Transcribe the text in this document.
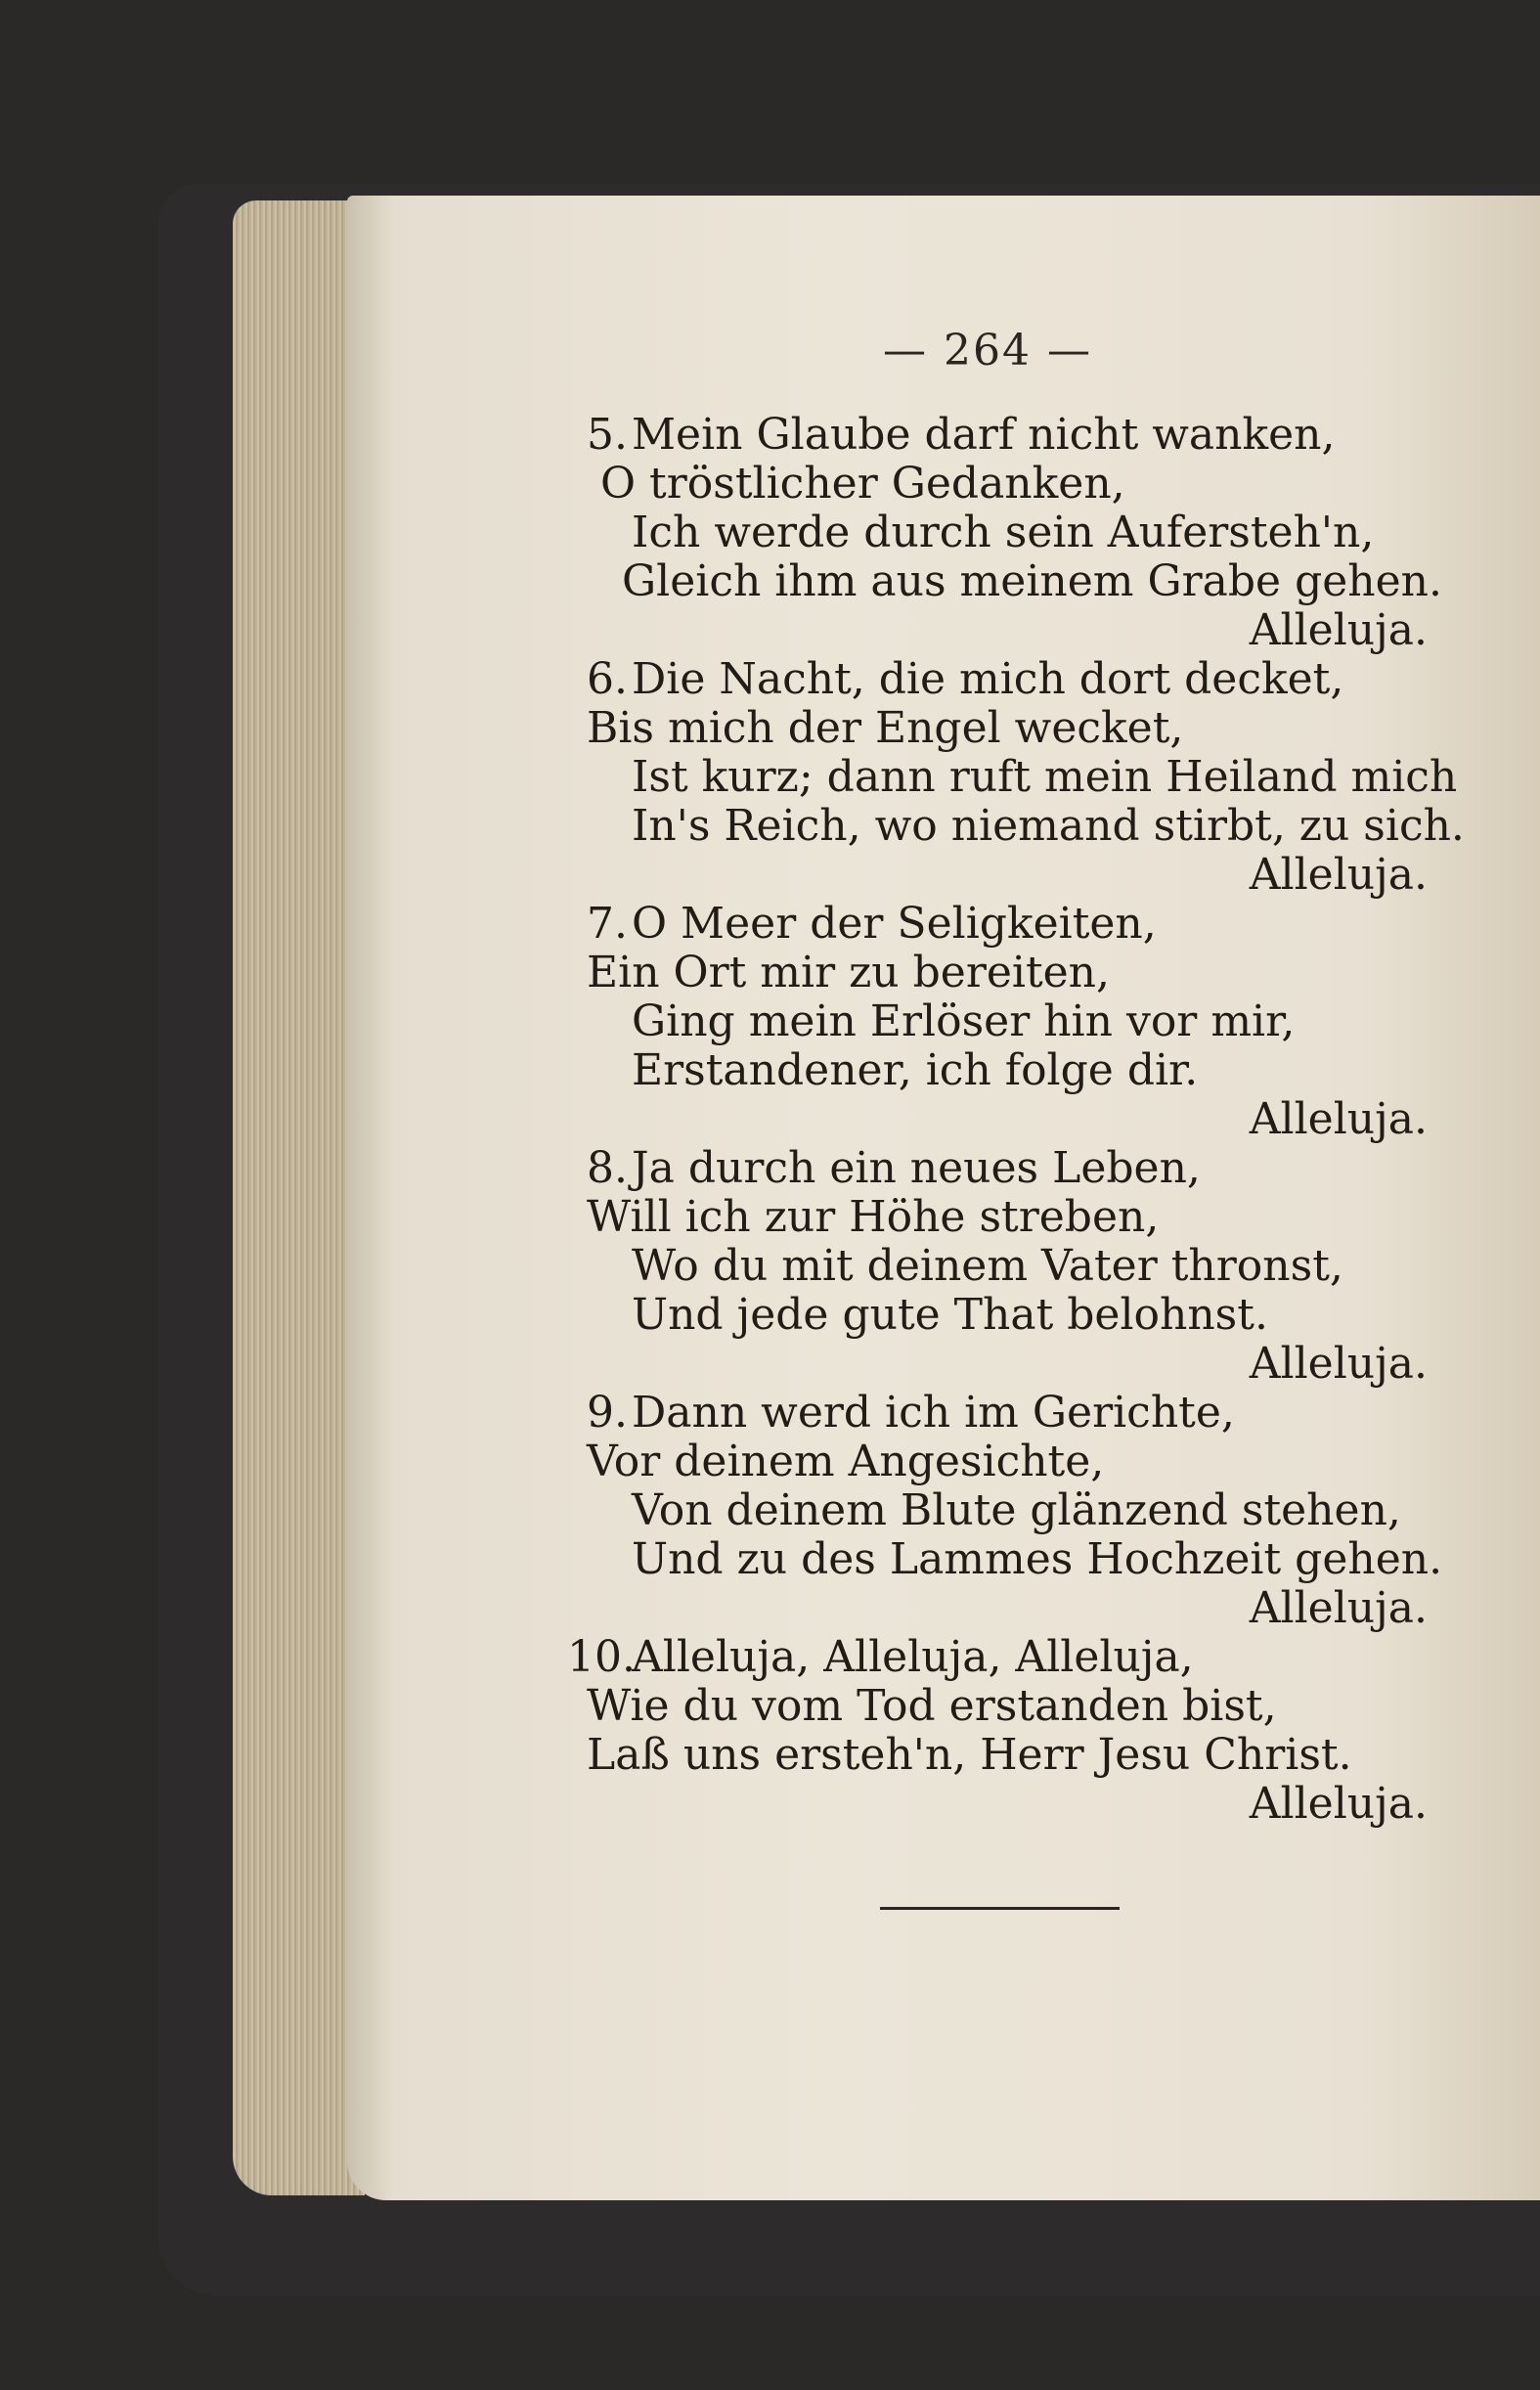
— 264 —
5.Mein Glaube darf nicht wanken,
O tröstlicher Gedanken,
Ich werde durch sein Aufersteh'n,
Gleich ihm aus meinem Grabe gehen.
Alleluja.
6.Die Nacht, die mich dort decket,
Bis mich der Engel wecket,
Ist kurz; dann ruft mein Heiland mich
In's Reich, wo niemand stirbt, zu sich.
Alleluja.
7.O Meer der Seligkeiten,
Ein Ort mir zu bereiten,
Ging mein Erlöser hin vor mir,
Erstandener, ich folge dir.
Alleluja.
8.Ja durch ein neues Leben,
Will ich zur Höhe streben,
Wo du mit deinem Vater thronst,
Und jede gute That belohnst.
Alleluja.
9.Dann werd ich im Gerichte,
Vor deinem Angesichte,
Von deinem Blute glänzend stehen,
Und zu des Lammes Hochzeit gehen.
Alleluja.
10.Alleluja, Alleluja, Alleluja,
Wie du vom Tod erstanden bist,
Laß uns ersteh'n, Herr Jesu Christ.
Alleluja.
